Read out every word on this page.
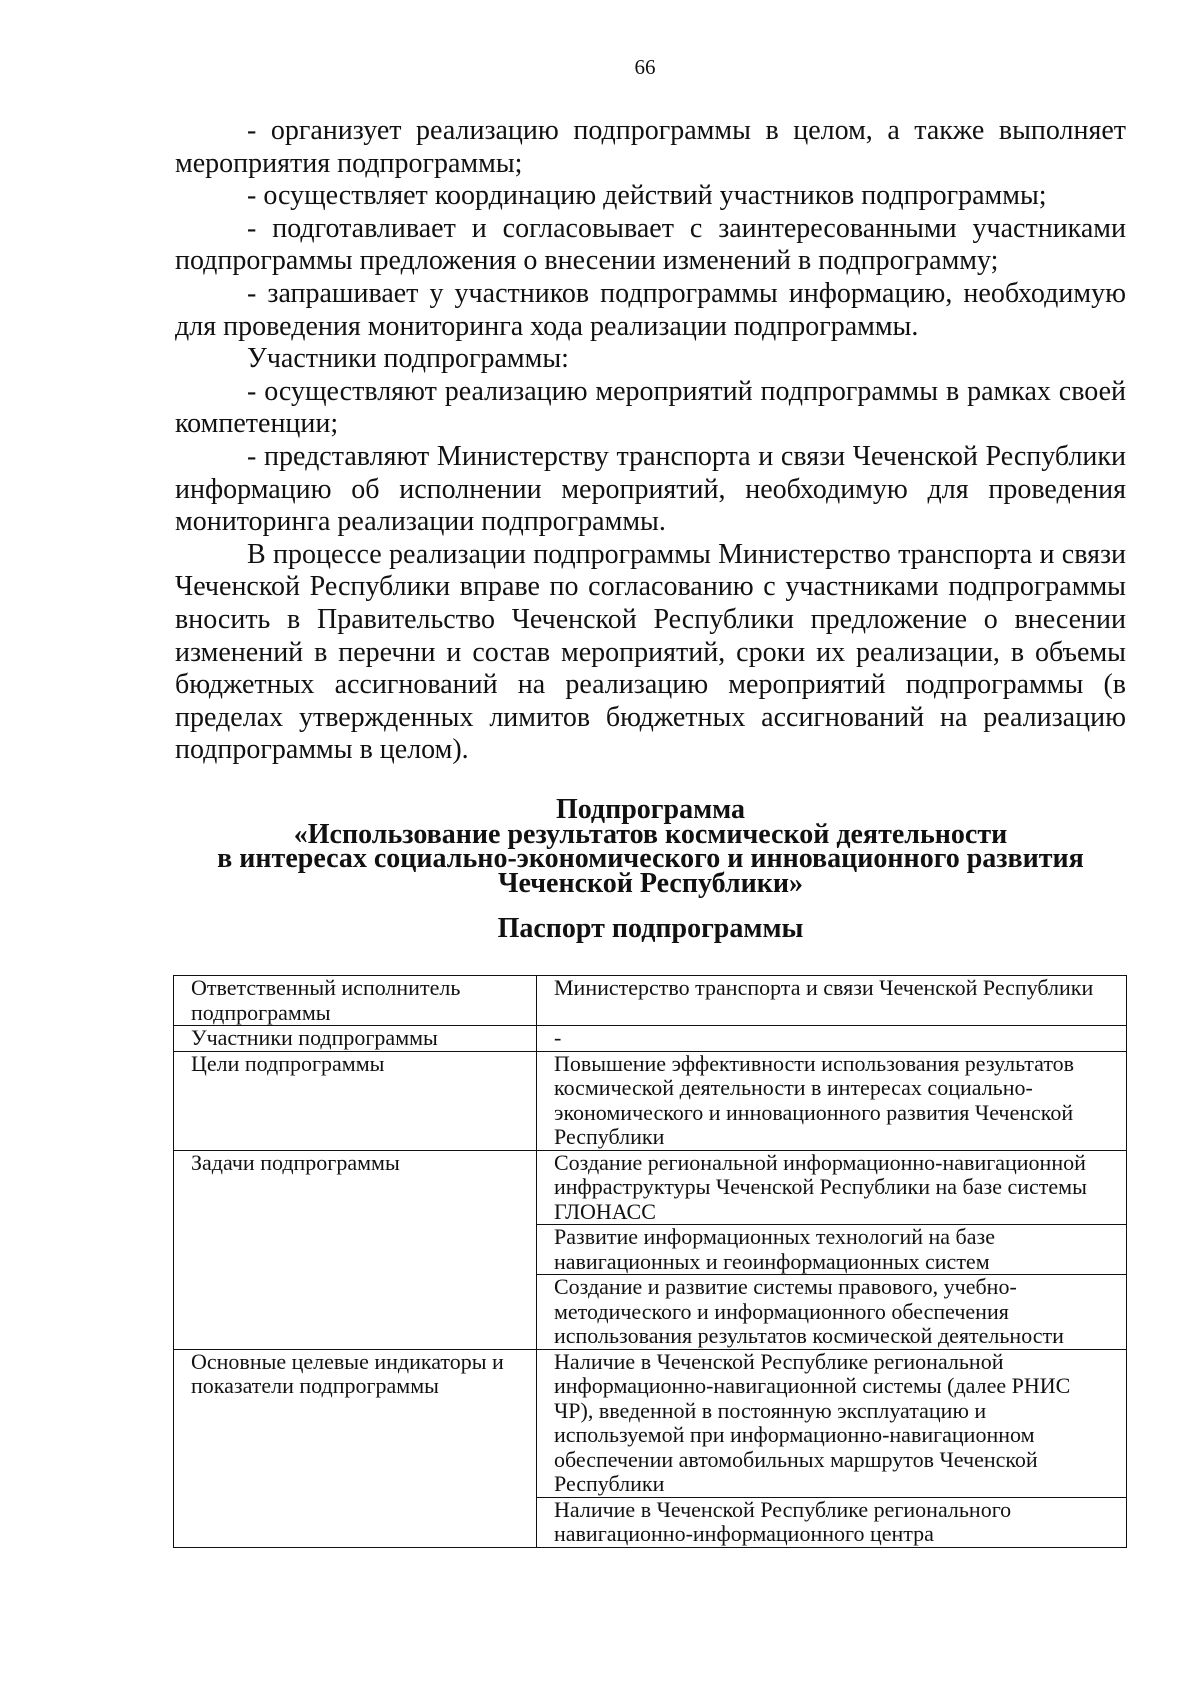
66

- организует реализацию подпрограммы в целом, а также выполняет мероприятия подпрограммы;

- осуществляет координацию действий участников подпрограммы;

- подготавливает и согласовывает с заинтересованными участниками подпрограммы предложения о внесении изменений в подпрограмму;

- запрашивает у участников подпрограммы информацию, необходимую для проведения мониторинга хода реализации подпрограммы.

Участники подпрограммы:

- осуществляют реализацию мероприятий подпрограммы в рамках своей компетенции;

- представляют Министерству транспорта и связи Чеченской Республики информацию об исполнении мероприятий, необходимую для проведения мониторинга реализации подпрограммы.

В процессе реализации подпрограммы Министерство транспорта и связи Чеченской Республики вправе по согласованию с участниками подпрограммы вносить в Правительство Чеченской Республики предложение о внесении изменений в перечни и состав мероприятий, сроки их реализации, в объемы бюджетных ассигнований на реализацию мероприятий подпрограммы (в пределах утвержденных лимитов бюджетных ассигнований на реализацию подпрограммы в целом).

Подпрограмма
«Использование результатов космической деятельности
в интересах социально-экономического и инновационного развития
Чеченской Республики»
Паспорт подпрограммы
Ответственный исполнитель подпрограммы	Министерство транспорта и связи Чеченской Республики
Участники подпрограммы	-
Цели подпрограммы	Повышение эффективности использования результатов космической деятельности в интересах социально-экономического и инновационного развития Чеченской Республики
Задачи подпрограммы	Создание региональной информационно-навигационной инфраструктуры Чеченской Республики на базе системы ГЛОНАСС
	Развитие информационных технологий на базе навигационных и геоинформационных систем
	Создание и развитие системы правового, учебно-методического и информационного обеспечения использования результатов космической деятельности
Основные целевые индикаторы и показатели подпрограммы	Наличие в Чеченской Республике региональной информационно-навигационной системы (далее РНИС ЧР), введенной в постоянную эксплуатацию и используемой при информационно-навигационном обеспечении автомобильных маршрутов Чеченской Республики
	Наличие в Чеченской Республике регионального навигационно-информационного центра
